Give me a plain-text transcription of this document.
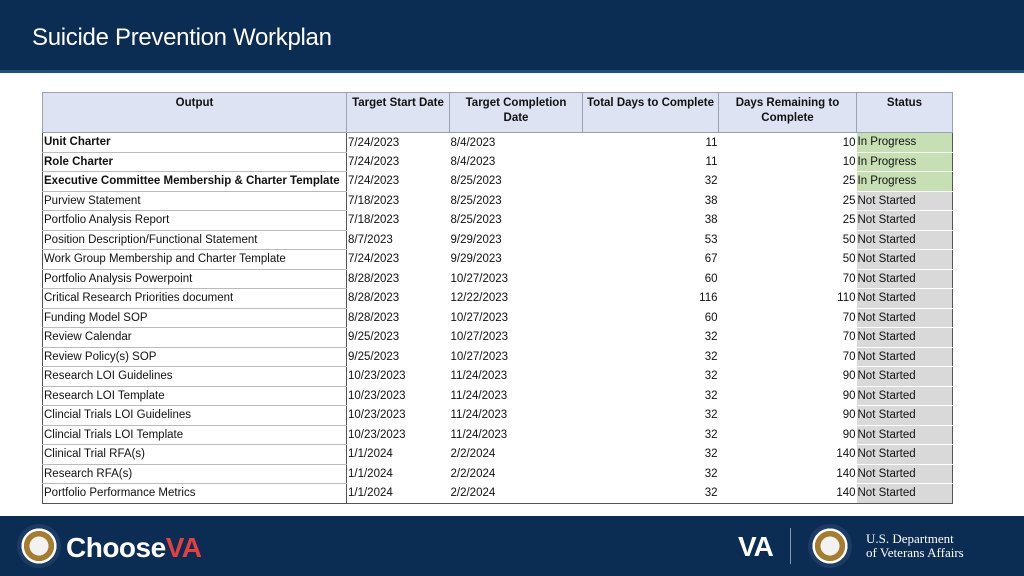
Suicide Prevention Workplan
Output	Target Start Date	Target Completion Date	Total Days to Complete	Days Remaining to Complete	Status
Unit Charter	7/24/2023	8/4/2023	11	10	In Progress
Role Charter	7/24/2023	8/4/2023	11	10	In Progress
Executive Committee Membership & Charter Template	7/24/2023	8/25/2023	32	25	In Progress
Purview Statement	7/18/2023	8/25/2023	38	25	Not Started
Portfolio Analysis Report	7/18/2023	8/25/2023	38	25	Not Started
Position Description/Functional Statement	8/7/2023	9/29/2023	53	50	Not Started
Work Group Membership and Charter Template	7/24/2023	9/29/2023	67	50	Not Started
Portfolio Analysis Powerpoint	8/28/2023	10/27/2023	60	70	Not Started
Critical Research Priorities document	8/28/2023	12/22/2023	116	110	Not Started
Funding Model SOP	8/28/2023	10/27/2023	60	70	Not Started
Review Calendar	9/25/2023	10/27/2023	32	70	Not Started
Review Policy(s) SOP	9/25/2023	10/27/2023	32	70	Not Started
Research LOI Guidelines	10/23/2023	11/24/2023	32	90	Not Started
Research LOI Template	10/23/2023	11/24/2023	32	90	Not Started
Clincial Trials LOI Guidelines	10/23/2023	11/24/2023	32	90	Not Started
Clincial Trials LOI Template	10/23/2023	11/24/2023	32	90	Not Started
Clinical Trial RFA(s)	1/1/2024	2/2/2024	32	140	Not Started
Research RFA(s)	1/1/2024	2/2/2024	32	140	Not Started
Portfolio Performance Metrics	1/1/2024	2/2/2024	32	140	Not Started
ChooseVA	VA	U.S. Department
of Veterans Affairs
